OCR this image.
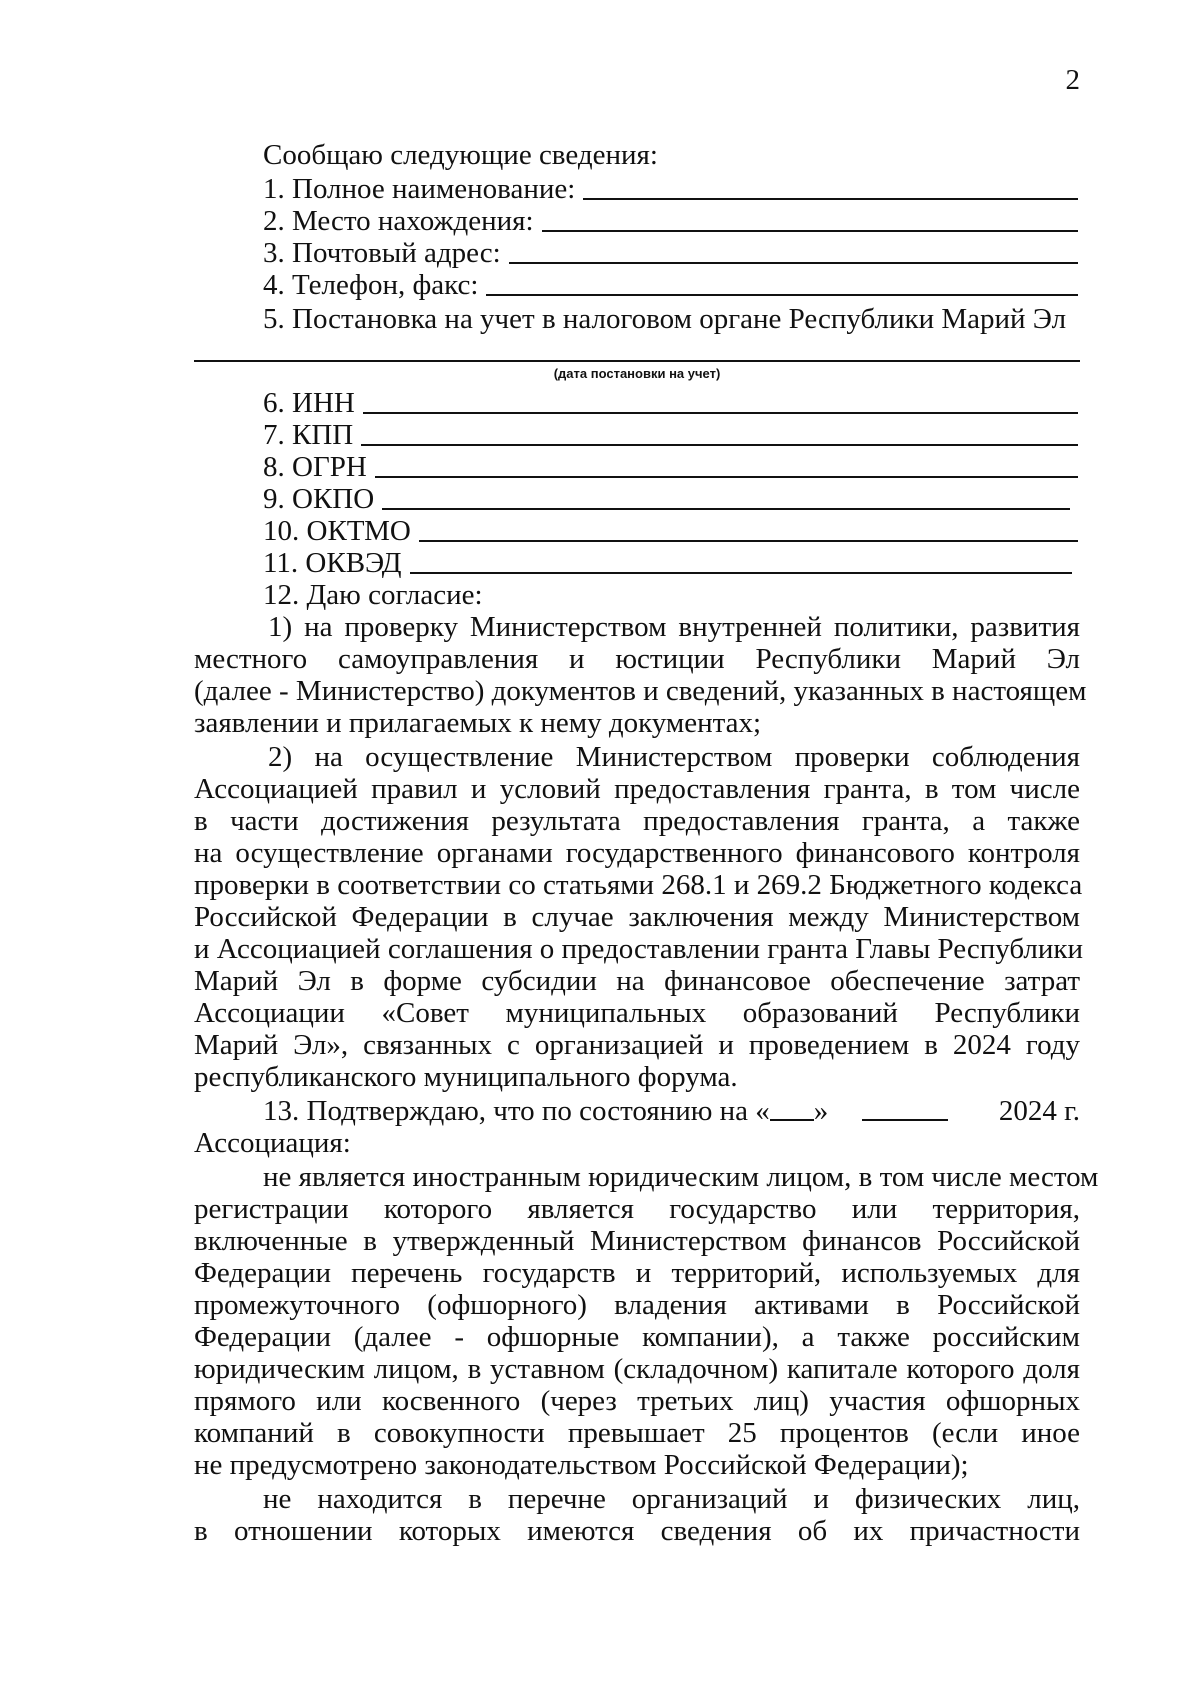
2
Сообщаю следующие сведения:
1. Полное наименование:
2. Место нахождения:
3. Почтовый адрес:
4. Телефон, факс:
5. Постановка на учет в налоговом органе Республики Марий Эл
(дата постановки на учет)
6. ИНН
7. КПП
8. ОГРН
9. ОКПО
10. ОКТМО
11. ОКВЭД
12. Даю согласие:
1) на проверку Министерством внутренней политики, развития
местного самоуправления и юстиции Республики Марий Эл
(далее - Министерство) документов и сведений, указанных в настоящем
заявлении и прилагаемых к нему документах;
2) на осуществление Министерством проверки соблюдения
Ассоциацией правил и условий предоставления гранта, в том числе
в части достижения результата предоставления гранта, а также
на осуществление органами государственного финансового контроля
проверки в соответствии со статьями 268.1 и 269.2 Бюджетного кодекса
Российской Федерации в случае заключения между Министерством
и Ассоциацией соглашения о предоставлении гранта Главы Республики
Марий Эл в форме субсидии на финансовое обеспечение затрат
Ассоциации «Совет муниципальных образований Республики
Марий Эл», связанных с организацией и проведением в 2024 году
республиканского муниципального форума.
13. Подтверждаю, что по состоянию на « »	2024 г.
Ассоциация:
не является иностранным юридическим лицом, в том числе местом
регистрации которого является государство или территория,
включенные в утвержденный Министерством финансов Российской
Федерации перечень государств и территорий, используемых для
промежуточного (офшорного) владения активами в Российской
Федерации (далее - офшорные компании), а также российским
юридическим лицом, в уставном (складочном) капитале которого доля
прямого или косвенного (через третьих лиц) участия офшорных
компаний в совокупности превышает 25 процентов (если иное
не предусмотрено законодательством Российской Федерации);
не находится в перечне организаций и физических лиц,
в отношении которых имеются сведения об их причастности
